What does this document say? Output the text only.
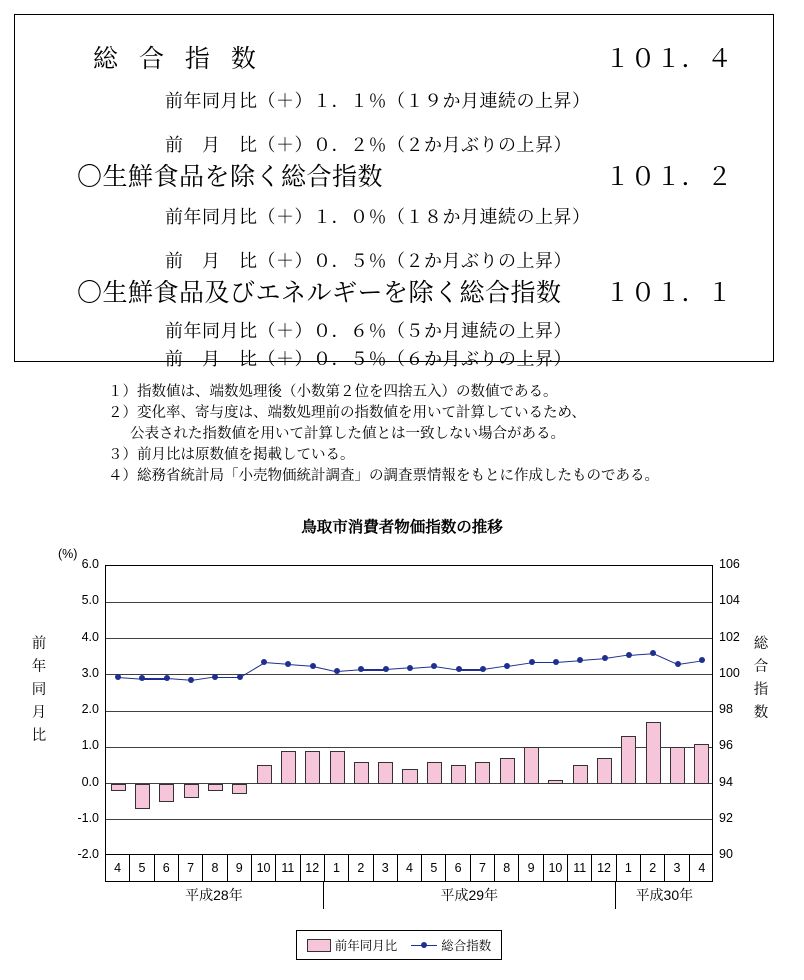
総 合 指 数	１０１．４
前年同月比（＋）１．１％（１９か月連続の上昇）
前　月　比（＋）０．２％（２か月ぶりの上昇）
〇生鮮食品を除く総合指数	１０１．２
前年同月比（＋）１．０％（１８か月連続の上昇）
前　月　比（＋）０．５％（２か月ぶりの上昇）
〇生鮮食品及びエネルギーを除く総合指数 １０１．１
前年同月比（＋）０．６％（５か月連続の上昇）
前　月　比（＋）０．５％（６か月ぶりの上昇）
１）指数値は、端数処理後（小数第２位を四捨五入）の数値である。
２）変化率、寄与度は、端数処理前の指数値を用いて計算しているため、
公表された指数値を用いて計算した値とは一致しない場合がある。
３）前月比は原数値を掲載している。
４）総務省統計局「小売物価統計調査」の調査票情報をもとに作成したものである。
鳥取市消費者物価指数の推移
(%)
前
年
同
月
比
総
合
指
数
4	5	6	7	8	9	10 11 12	1	2	3	4	5	6	7	8	9	10 11 12	1	2	3	4
平成28年	平成29年	平成30年
前年同月比	総合指数
6.0	106
5.0	104
4.0	102
3.0	100
2.0	98
1.0	96
0.0	94
-1.0	92
-2.0	90
